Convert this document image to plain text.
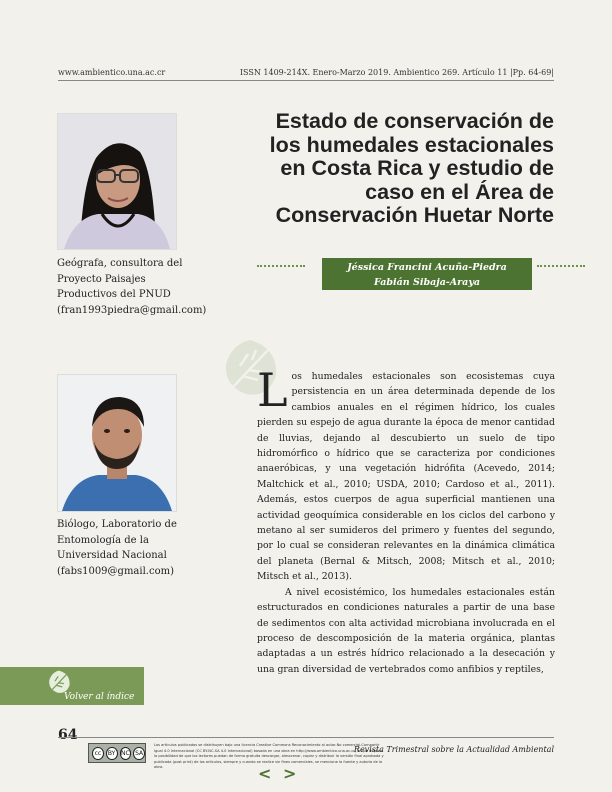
www.ambientico.una.ac.cr	ISSN 1409-214X. Enero-Marzo 2019. Ambientico 269. Artículo 11 |Pp. 64-69|
Geógrafa, consultora del Proyecto Paisajes Productivos del PNUD (fran1993piedra@gmail.com)
Biólogo, Laboratorio de Entomología de la Universidad Nacional (fabs1009@gmail.com)
Estado de conservación de los humedales estacionales en Costa Rica y estudio de caso en el Área de Conservación Huetar Norte
Jéssica Francini Acuña-Piedra
Fabián Sibaja-Araya

Los humedales estacionales son ecosistemas cuya persistencia en un área determinada depende de los cambios anuales en el régimen hídrico, los cuales pierden su espejo de agua durante la época de menor cantidad de lluvias, dejando al descubierto un suelo de tipo hidromórfico o hídrico que se caracteriza por condiciones anaeróbicas, y una vegetación hidrófita (Acevedo, 2014; Maltchick et al., 2010; USDA, 2010; Cardoso et al., 2011). Además, estos cuerpos de agua superficial mantienen una actividad geoquímica considerable en los ciclos del carbono y metano al ser sumideros del primero y fuentes del segundo, por lo cual se consideran relevantes en la dinámica climática del planeta (Bernal & Mitsch, 2008; Mitsch et al., 2010; Mitsch et al., 2013).

A nivel ecosistémico, los humedales estacionales están estructurados en condiciones naturales a partir de una base de sedimentos con alta actividad microbiana involucrada en el proceso de descomposición de la materia orgánica, plantas adaptadas a un estrés hídrico relacionado a la desecación y una gran diversidad de vertebrados como anfibios y reptiles,

Volver al índice
64
cc	BY NC SA
Los artículos publicados se distribuyen bajo una licencia Creative Commons Reconocimiento al autor-No comercial-Compartir igual 4.0 Internacional (CC BY-NC-SA 4.0 Internacional) basada en una obra en http://www.ambientico.una.ac.cr, lo que implica la posibilidad de que los lectores puedan de forma gratuita descargar, almacenar, copiar y distribuir la versión final aprobada y publicada (post print) de los artículos, siempre y cuando se realice sin fines comerciales, se mencione la fuente y autoría de la obra.
Revista Trimestral sobre la Actualidad Ambiental
< >
